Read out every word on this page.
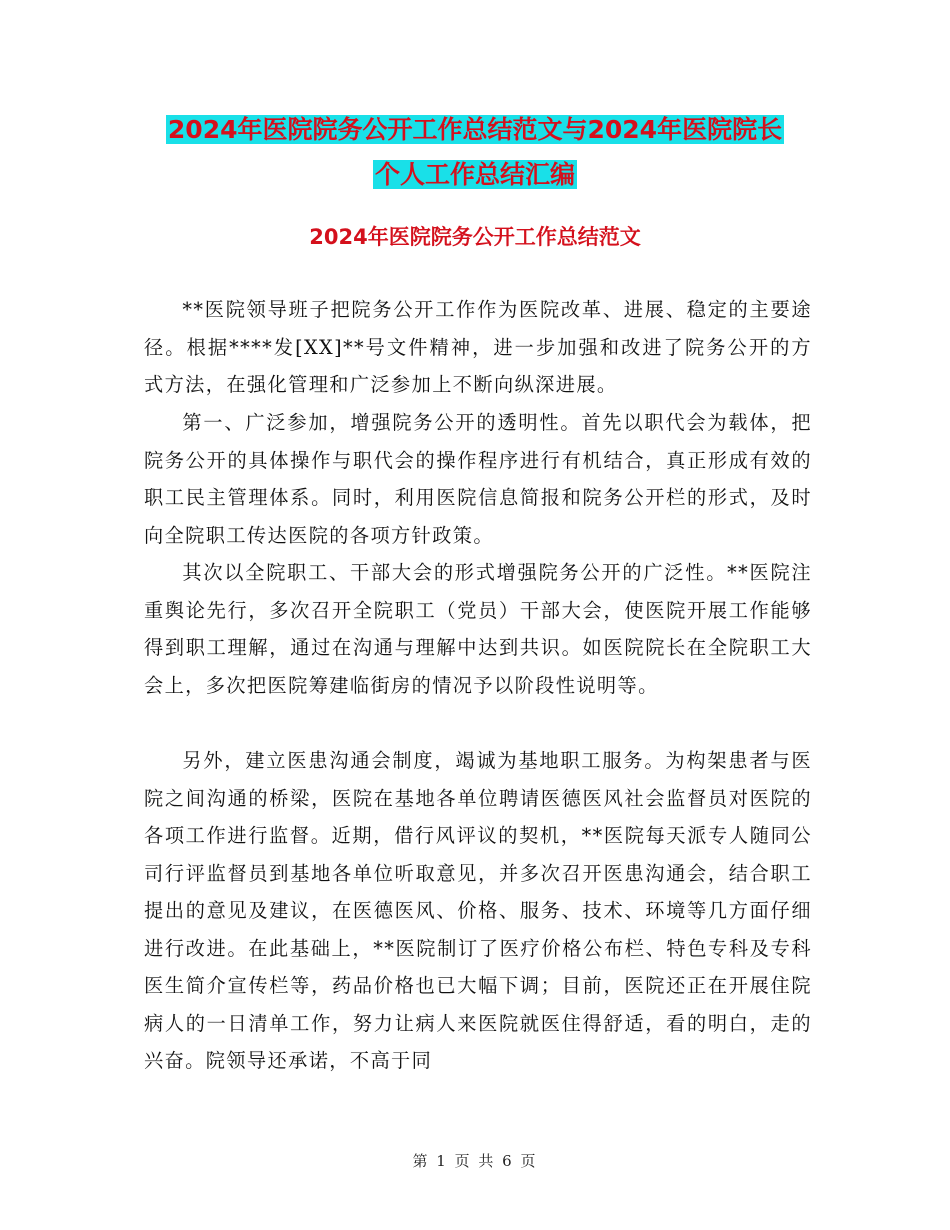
2024年医院院务公开工作总结范文与2024年医院院长
个人工作总结汇编
2024年医院院务公开工作总结范文

**医院领导班子把院务公开工作作为医院改革、进展、稳定的主要途径。根据****发[XX]**号文件精神，进一步加强和改进了院务公开的方式方法，在强化管理和广泛参加上不断向纵深进展。

第一、广泛参加，增强院务公开的透明性。首先以职代会为载体，把院务公开的具体操作与职代会的操作程序进行有机结合，真正形成有效的职工民主管理体系。同时，利用医院信息简报和院务公开栏的形式，及时向全院职工传达医院的各项方针政策。

其次以全院职工、干部大会的形式增强院务公开的广泛性。**医院注重舆论先行，多次召开全院职工（党员）干部大会，使医院开展工作能够得到职工理解，通过在沟通与理解中达到共识。如医院院长在全院职工大会上，多次把医院筹建临街房的情况予以阶段性说明等。

另外，建立医患沟通会制度，竭诚为基地职工服务。为构架患者与医院之间沟通的桥梁，医院在基地各单位聘请医德医风社会监督员对医院的各项工作进行监督。近期，借行风评议的契机，**医院每天派专人随同公司行评监督员到基地各单位听取意见，并多次召开医患沟通会，结合职工提出的意见及建议，在医德医风、价格、服务、技术、环境等几方面仔细进行改进。在此基础上，**医院制订了医疗价格公布栏、特色专科及专科医生简介宣传栏等，药品价格也已大幅下调；目前，医院还正在开展住院病人的一日清单工作，努力让病人来医院就医住得舒适，看的明白，走的兴奋。院领导还承诺，不高于同

第 1 页 共 6 页
